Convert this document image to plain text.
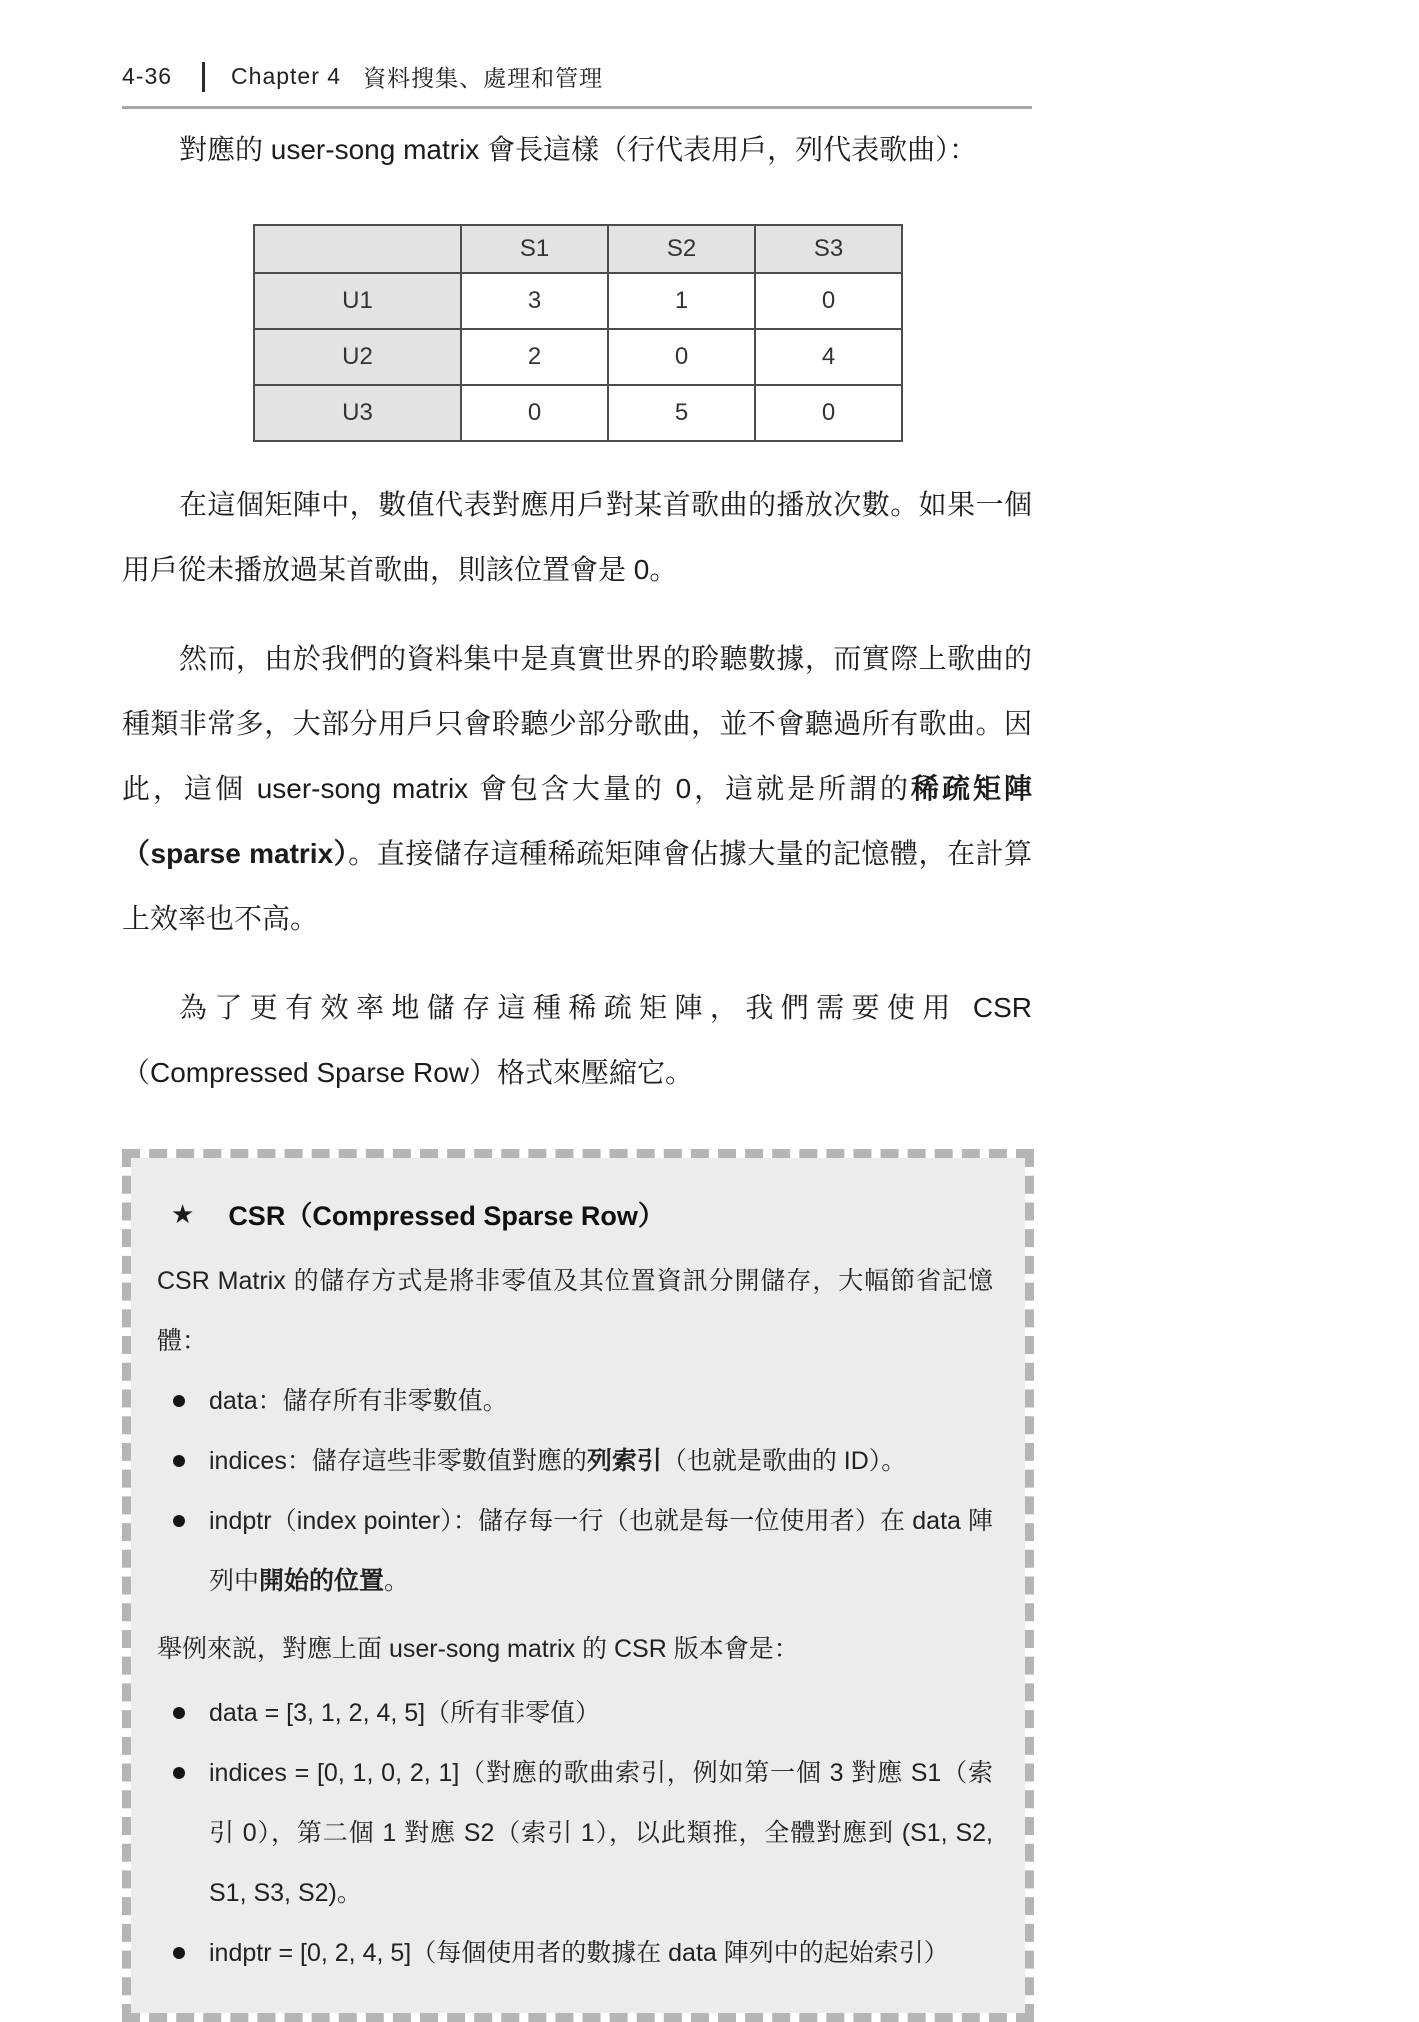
4-36	Chapter 4 資料搜集、處理和管理

對應的 user-song matrix 會長這樣（行代表用戶，列代表歌曲）：

	S1	S2	S3
U1	3	1	0
U2	2	0	4
U3	0	5	0

在這個矩陣中，數值代表對應用戶對某首歌曲的播放次數。如果一個用戶從未播放過某首歌曲，則該位置會是 0。

然而，由於我們的資料集中是真實世界的聆聽數據，而實際上歌曲的種類非常多，大部分用戶只會聆聽少部分歌曲，並不會聽過所有歌曲。因此，這個 user-song matrix 會包含大量的 0，這就是所謂的稀疏矩陣（sparse matrix）。直接儲存這種稀疏矩陣會佔據大量的記憶體，在計算上效率也不高。

為了更有效率地儲存這種稀疏矩陣，我們需要使用 CSR（Compressed Sparse Row）格式來壓縮它。

★ CSR（Compressed Sparse Row）

CSR Matrix 的儲存方式是將非零值及其位置資訊分開儲存，大幅節省記憶體：

data：儲存所有非零數值。
indices：儲存這些非零數值對應的列索引（也就是歌曲的 ID）。
indptr（index pointer）：儲存每一行（也就是每一位使用者）在 data 陣列中開始的位置。

舉例來説，對應上面 user-song matrix 的 CSR 版本會是：

data = [3, 1, 2, 4, 5]（所有非零值）
indices = [0, 1, 0, 2, 1]（對應的歌曲索引，例如第一個 3 對應 S1（索引 0），第二個 1 對應 S2（索引 1），以此類推，全體對應到 (S1, S2, S1, S3, S2)。
indptr = [0, 2, 4, 5]（每個使用者的數據在 data 陣列中的起始索引）
